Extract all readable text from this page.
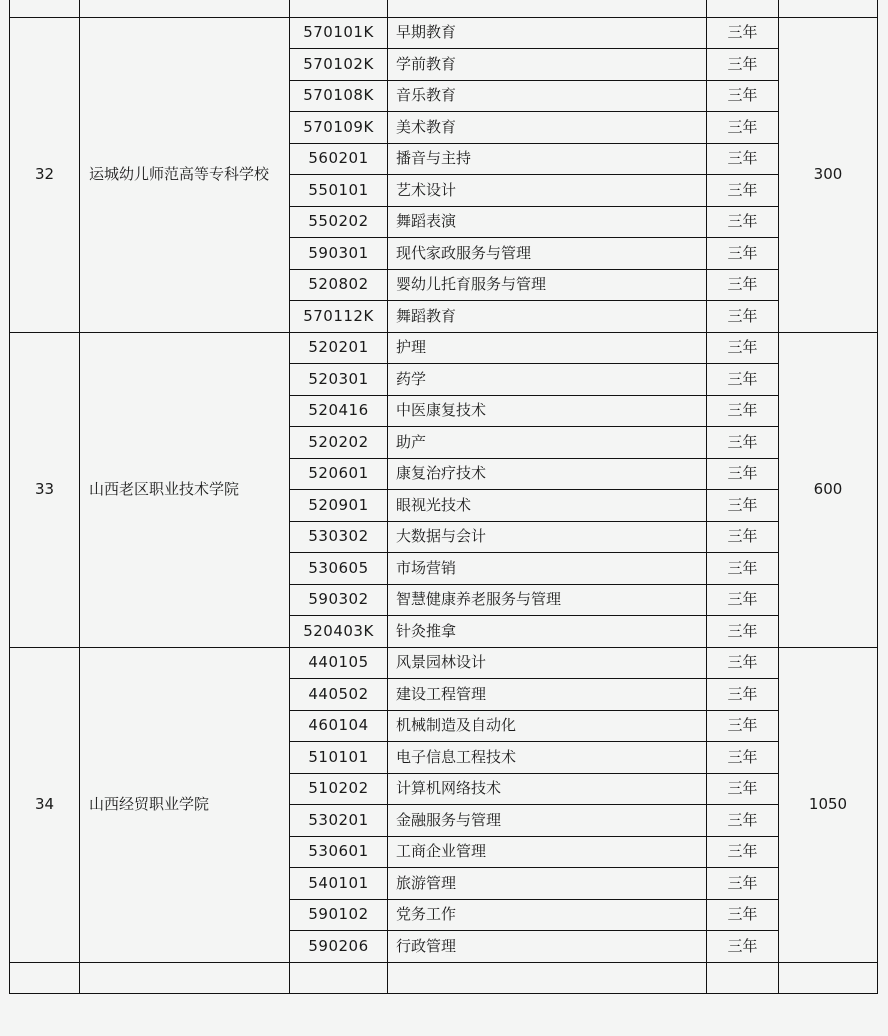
32	运城幼儿师范高等专科学校	570101K	早期教育	三年	300
		570102K	学前教育	三年	
		570108K	音乐教育	三年	
		570109K	美术教育	三年	
		560201	播音与主持	三年	
		550101	艺术设计	三年	
		550202	舞蹈表演	三年	
		590301	现代家政服务与管理	三年	
		520802	婴幼儿托育服务与管理	三年	
		570112K	舞蹈教育	三年	
33	山西老区职业技术学院	520201	护理	三年	600
		520301	药学	三年	
		520416	中医康复技术	三年	
		520202	助产	三年	
		520601	康复治疗技术	三年	
		520901	眼视光技术	三年	
		530302	大数据与会计	三年	
		530605	市场营销	三年	
		590302	智慧健康养老服务与管理	三年	
		520403K	针灸推拿	三年	
34	山西经贸职业学院	440105	风景园林设计	三年	1050
		440502	建设工程管理	三年	
		460104	机械制造及自动化	三年	
		510101	电子信息工程技术	三年	
		510202	计算机网络技术	三年	
		530201	金融服务与管理	三年	
		530601	工商企业管理	三年	
		540101	旅游管理	三年	
		590102	党务工作	三年	
		590206	行政管理	三年	
